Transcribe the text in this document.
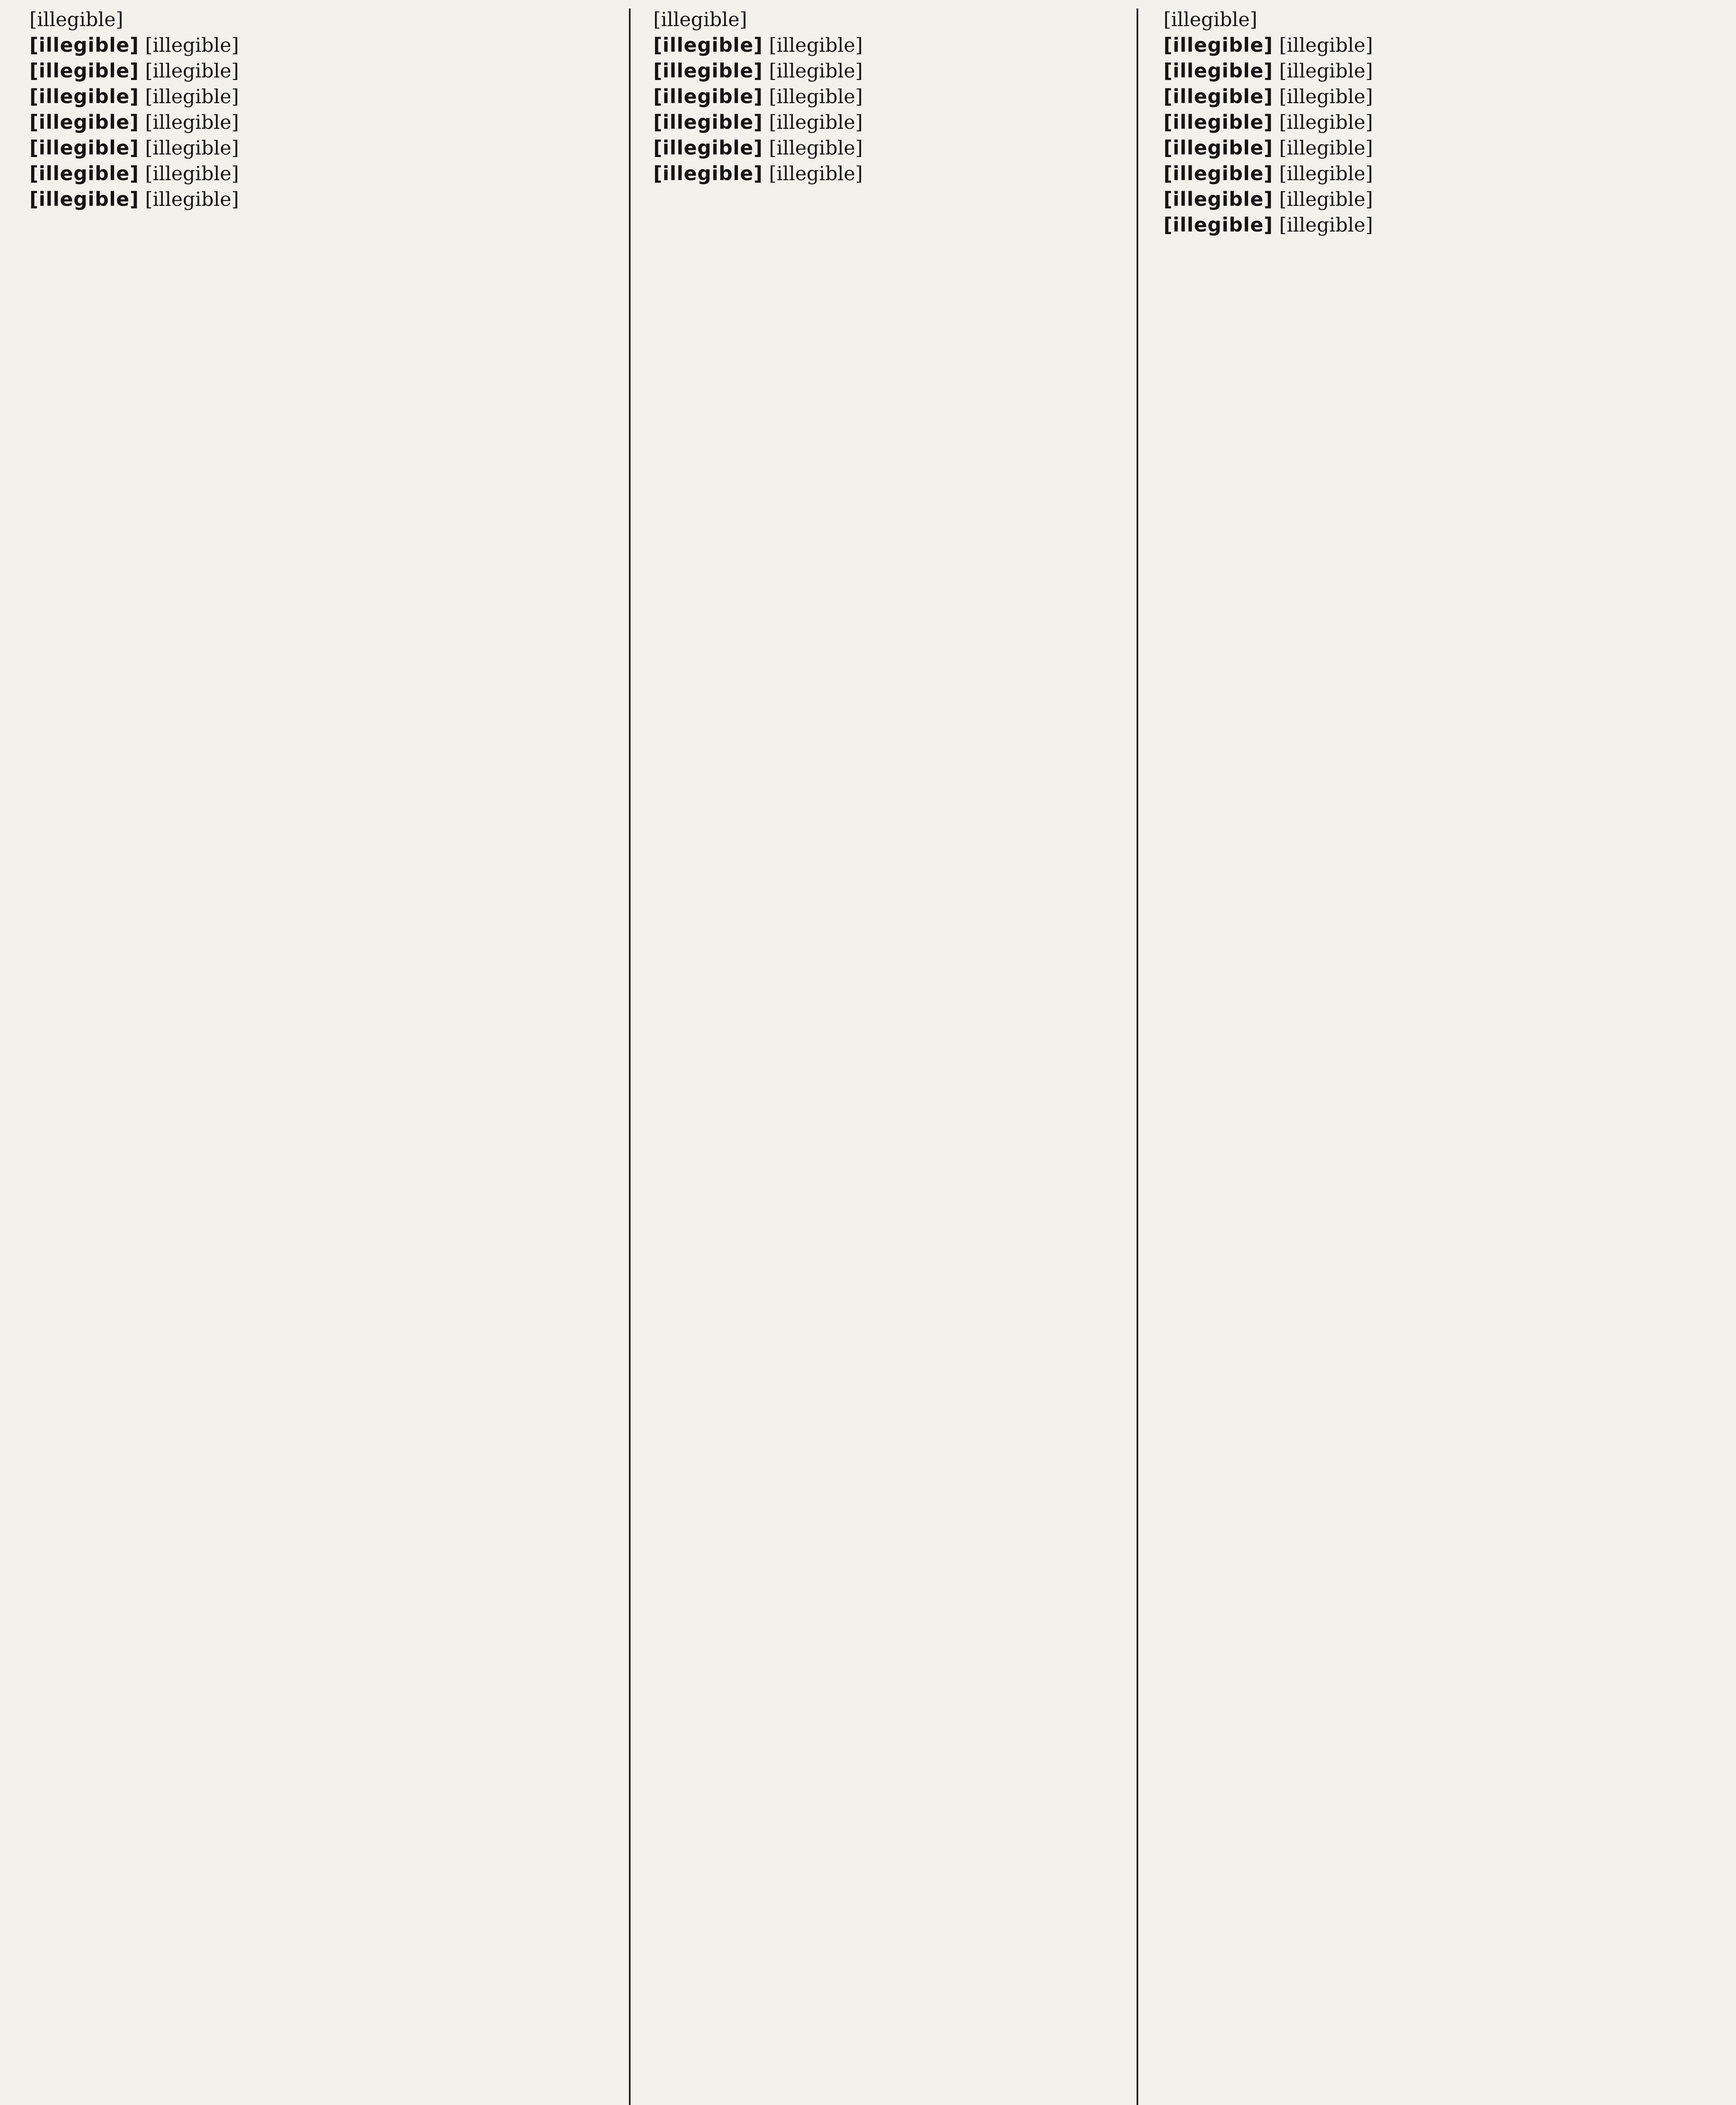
[illegible]

[illegible] [illegible]

[illegible] [illegible]

[illegible] [illegible]

[illegible] [illegible]

[illegible] [illegible]

[illegible] [illegible]

[illegible] [illegible]

[illegible]

[illegible] [illegible]

[illegible] [illegible]

[illegible] [illegible]

[illegible] [illegible]

[illegible] [illegible]

[illegible] [illegible]

[illegible]

[illegible] [illegible]

[illegible] [illegible]

[illegible] [illegible]

[illegible] [illegible]

[illegible] [illegible]

[illegible] [illegible]

[illegible] [illegible]

[illegible] [illegible]
